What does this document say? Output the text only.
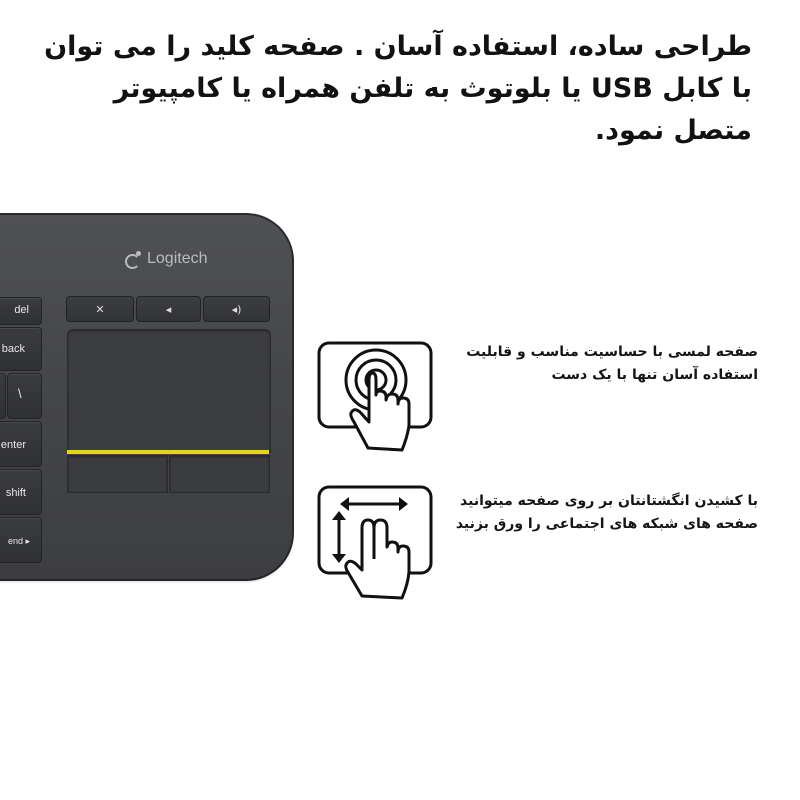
طراحی ساده، استفاده آسان . صفحه کلید را می توان با کابل USB یا بلوتوث به تلفن همراه یا کامپیوتر متصل نمود.
Logitech
del
back
\
enter
shift
end ▸
✕	◂	◂)
صفحه لمسی با حساسیت مناسب و قابلیت استفاده آسان تنها با یک دست
با کشیدن انگشتانتان بر روی صفحه میتوانید صفحه های شبکه های اجتماعی را ورق بزنید
